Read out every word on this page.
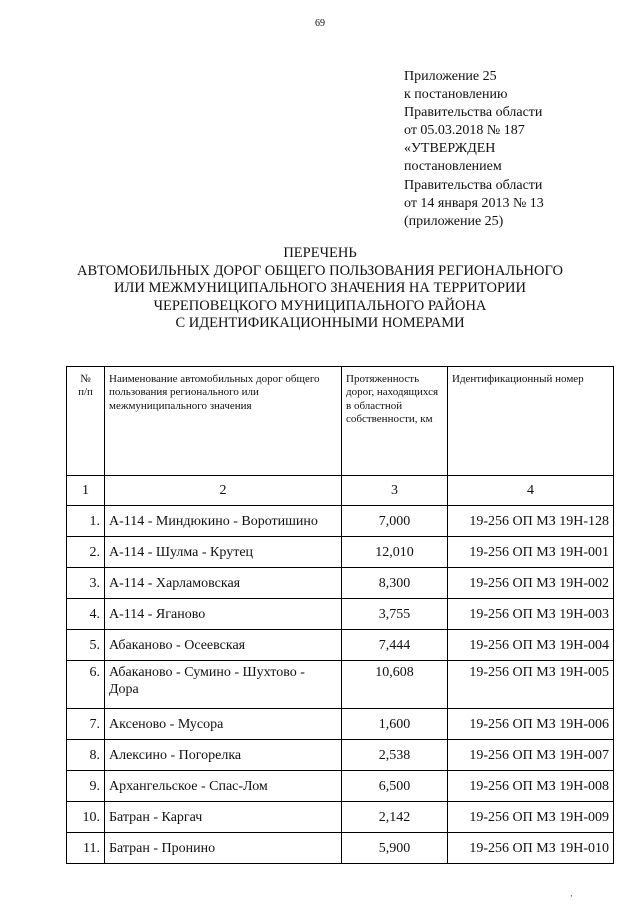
69
Приложение 25
к постановлению
Правительства области
от 05.03.2018 № 187
«УТВЕРЖДЕН
постановлением
Правительства области
от 14 января 2013 № 13
(приложение 25)
ПЕРЕЧЕНЬ
АВТОМОБИЛЬНЫХ ДОРОГ ОБЩЕГО ПОЛЬЗОВАНИЯ РЕГИОНАЛЬНОГО
ИЛИ МЕЖМУНИЦИПАЛЬНОГО ЗНАЧЕНИЯ НА ТЕРРИТОРИИ
ЧЕРЕПОВЕЦКОГО МУНИЦИПАЛЬНОГО РАЙОНА
С ИДЕНТИФИКАЦИОННЫМИ НОМЕРАМИ
№
п/п	Наименование автомобильных дорог общего пользования регионального или межмуниципального значения	Протяженность дорог, находящихся в областной собственности, км	Идентификационный номер
1	2	3	4
1.	А-114 - Миндюкино - Воротишино	7,000	19-256 ОП МЗ 19Н-128
2.	А-114 - Шулма - Крутец	12,010	19-256 ОП МЗ 19Н-001
3.	А-114 - Харламовская	8,300	19-256 ОП МЗ 19Н-002
4.	А-114 - Яганово	3,755	19-256 ОП МЗ 19Н-003
5.	Абаканово - Осеевская	7,444	19-256 ОП МЗ 19Н-004
6.	Абаканово - Сумино - Шухтово - Дора	10,608	19-256 ОП МЗ 19Н-005
7.	Аксеново - Мусора	1,600	19-256 ОП МЗ 19Н-006
8.	Алексино - Погорелка	2,538	19-256 ОП МЗ 19Н-007
9.	Архангельское - Спас-Лом	6,500	19-256 ОП МЗ 19Н-008
10.	Батран - Каргач	2,142	19-256 ОП МЗ 19Н-009
11.	Батран - Пронино	5,900	19-256 ОП МЗ 19Н-010
‚
